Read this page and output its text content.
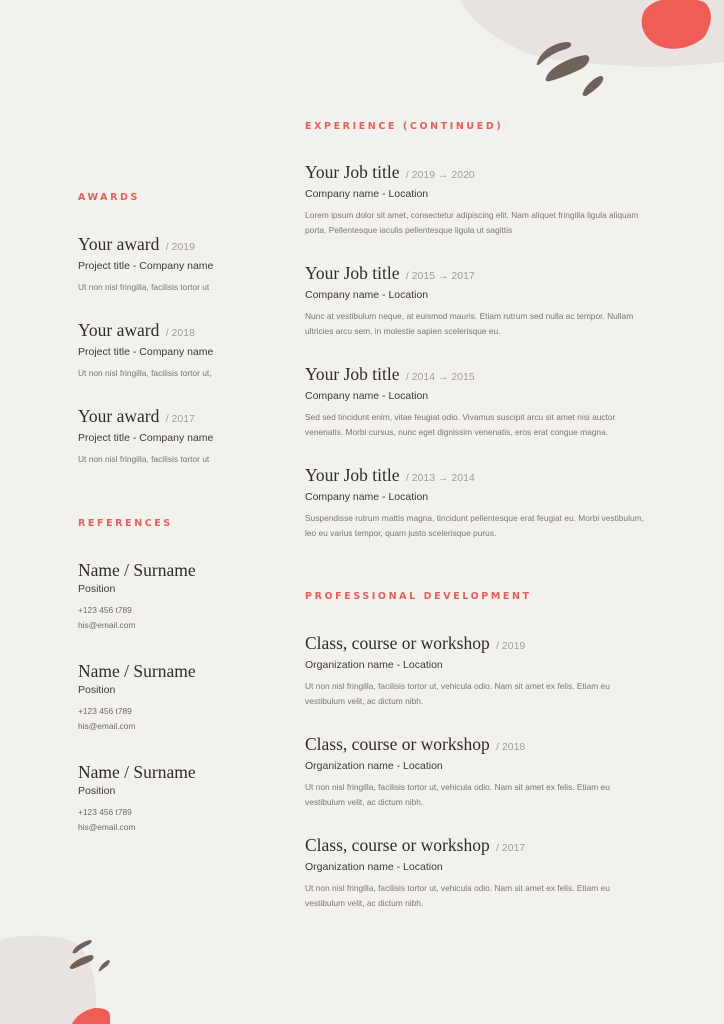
AWARDS
Your award / 2019
Project title - Company name
Ut non nisl fringilla, facilisis tortor ut
Your award / 2018
Project title - Company name
Ut non nisl fringilla, facilisis tortor ut,
Your award / 2017
Project title - Company name
Ut non nisl fringilla, facilisis tortor ut
REFERENCES
Name / Surname
Position
+123 456 t789
his@email.com
Name / Surname
Position
+123 456 t789
his@email.com
Name / Surname
Position
+123 456 t789
his@email.com
EXPERIENCE (CONTINUED)
Your Job title / 2019 → 2020
Company name - Location
Lorem ipsum dolor sit amet, consectetur adipiscing elit. Nam aliquet fringilla ligula aliquam porta. Pellentesque iaculis pellentesque ligula ut sagittis
Your Job title / 2015 → 2017
Company name - Location
Nunc at vestibulum neque, at euismod mauris. Etiam rutrum sed nulla ac tempor. Nullam ultricies arcu sem, in molestie sapien scelerisque eu.
Your Job title / 2014 → 2015
Company name - Location
Sed sed tincidunt enim, vitae feugiat odio. Vivamus suscipit arcu sit amet nisi auctor venenatis. Morbi cursus, nunc eget dignissim venenatis, eros erat congue magna.
Your Job title / 2013 → 2014
Company name - Location
Suspendisse rutrum mattis magna, tincidunt pellentesque erat feugiat eu. Morbi vestibulum, leo eu varius tempor, quam justo scelerisque purus.
PROFESSIONAL DEVELOPMENT
Class, course or workshop / 2019
Organization name - Location
Ut non nisl fringilla, facilisis tortor ut, vehicula odio. Nam sit amet ex felis. Etiam eu vestibulum velit, ac dictum nibh.
Class, course or workshop / 2018
Organization name - Location
Ut non nisl fringilla, facilisis tortor ut, vehicula odio. Nam sit amet ex felis. Etiam eu vestibulum velit, ac dictum nibh.
Class, course or workshop / 2017
Organization name - Location
Ut non nisl fringilla, facilisis tortor ut, vehicula odio. Nam sit amet ex felis. Etiam eu vestibulum velit, ac dictum nibh.
